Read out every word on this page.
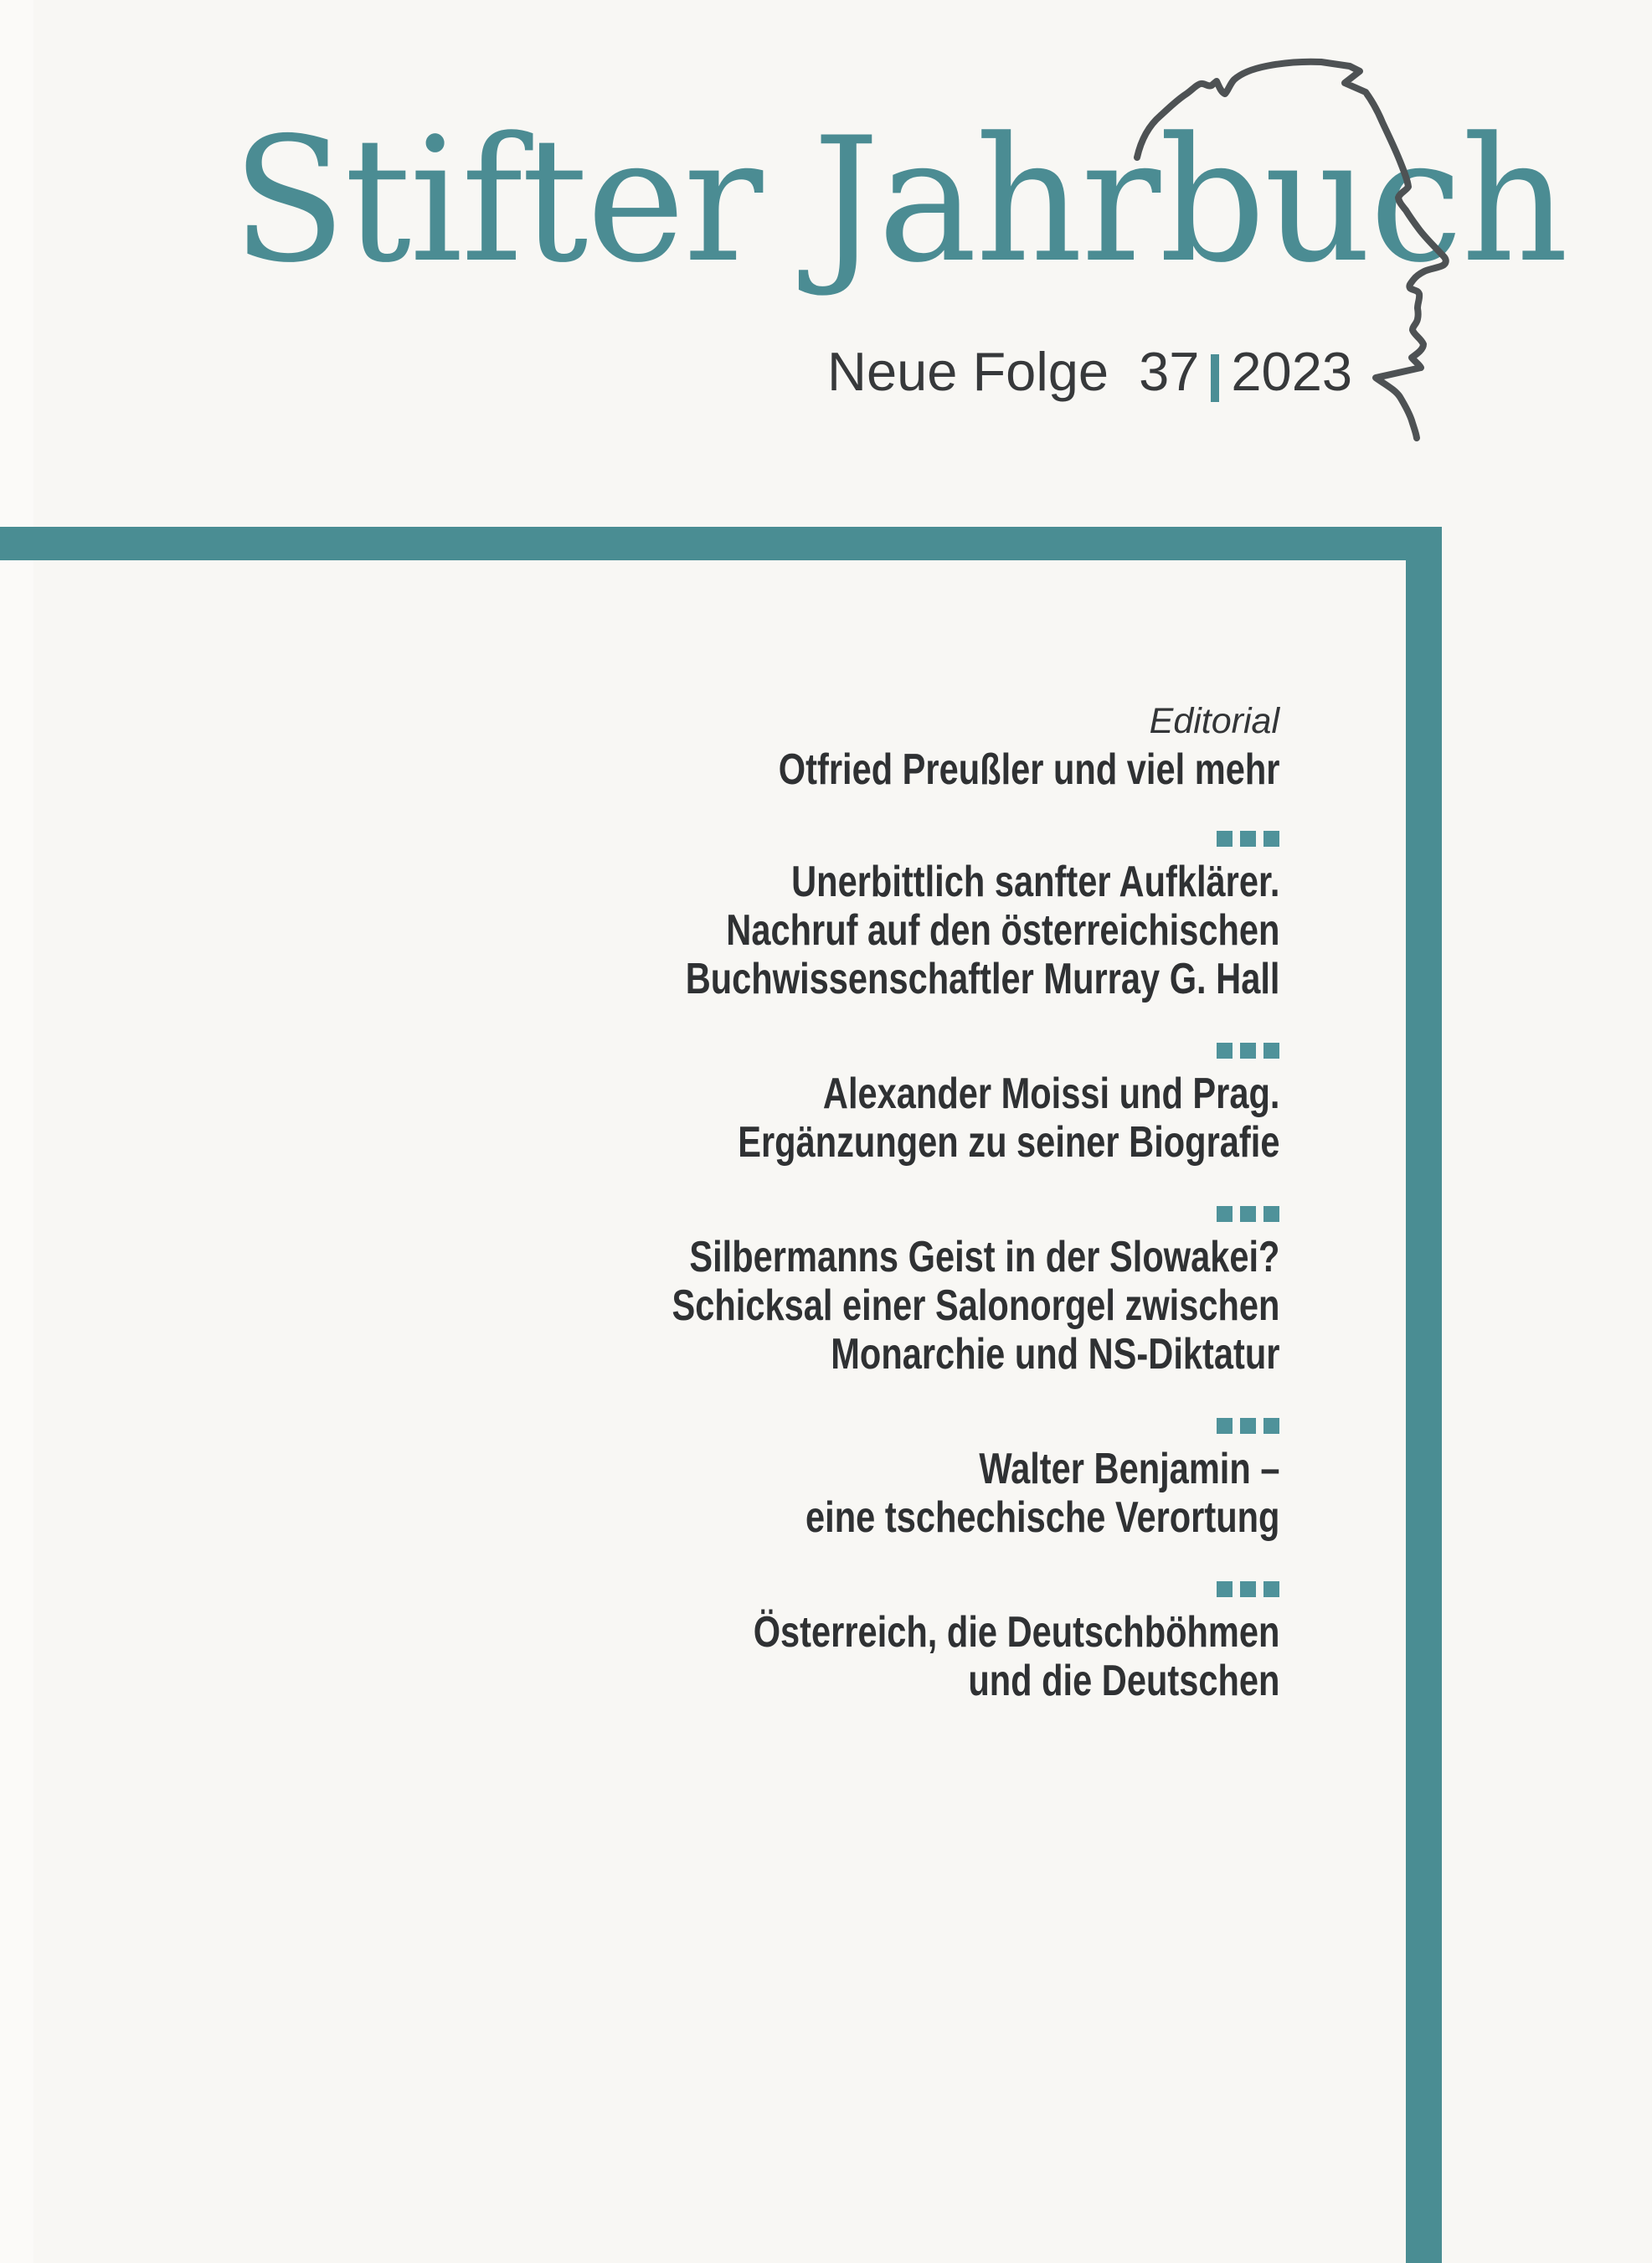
Stifter Jahrbuch
Neue Folge 37 2023
Editorial
Otfried Preußler und viel mehr
Unerbittlich sanfter Aufklärer.
Nachruf auf den österreichischen
Buchwissenschaftler Murray G. Hall
Alexander Moissi und Prag.
Ergänzungen zu seiner Biografie
Silbermanns Geist in der Slowakei?
Schicksal einer Salonorgel zwischen
Monarchie und NS-Diktatur
Walter Benjamin –
eine tschechische Verortung
Österreich, die Deutschböhmen
und die Deutschen
